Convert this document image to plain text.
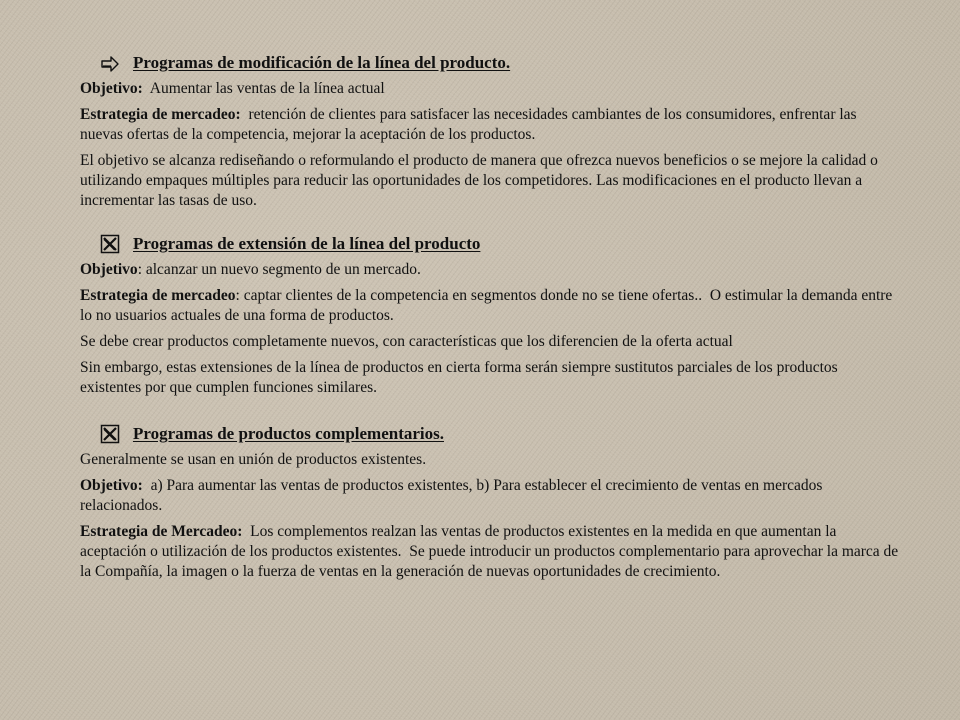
Programas de modificación de la línea del producto.

Objetivo:  Aumentar las ventas de la línea actual

Estrategia de mercadeo:  retención de clientes para satisfacer las necesidades cambiantes de los consumidores, enfrentar las nuevas ofertas de la competencia, mejorar la aceptación de los productos.

El objetivo se alcanza rediseñando o reformulando el producto de manera que ofrezca nuevos beneficios o se mejore la calidad o utilizando empaques múltiples para reducir las oportunidades de los competidores. Las modificaciones en el producto llevan a incrementar las tasas de uso.

Programas de extensión de la línea del producto

Objetivo: alcanzar un nuevo segmento de un mercado.

Estrategia de mercadeo: captar clientes de la competencia en segmentos donde no se tiene ofertas..  O estimular la demanda entre lo no usuarios actuales de una forma de productos.

Se debe crear productos completamente nuevos, con características que los diferencien de la oferta actual

Sin embargo, estas extensiones de la línea de productos en cierta forma serán siempre sustitutos parciales de los productos existentes por que cumplen funciones similares.

Programas de productos complementarios.

Generalmente se usan en unión de productos existentes.

Objetivo:  a) Para aumentar las ventas de productos existentes, b) Para establecer el crecimiento de ventas en mercados relacionados.

Estrategia de Mercadeo:  Los complementos realzan las ventas de productos existentes en la medida en que aumentan la aceptación o utilización de los productos existentes.  Se puede introducir un productos complementario para aprovechar la marca de la Compañía, la imagen o la fuerza de ventas en la generación de nuevas oportunidades de crecimiento.
